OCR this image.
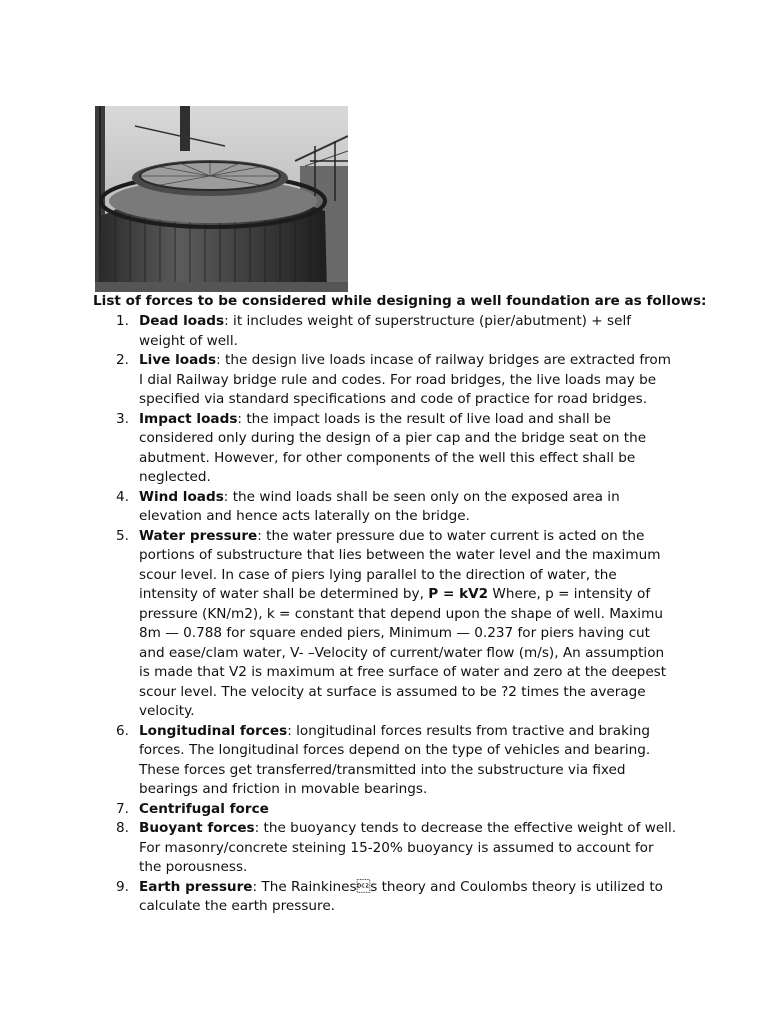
List of forces to be considered while designing a well foundation are as follows:

1. Dead loads: it includes weight of superstructure (pier/abutment) + self weight of well.

2. Live loads: the design live loads incase of railway bridges are extracted from I dial Railway bridge rule and codes. For road bridges, the live loads may be specified via standard specifications and code of practice for road bridges.

3. Impact loads: the impact loads is the result of live load and shall be considered only during the design of a pier cap and the bridge seat on the abutment. However, for other components of the well this effect shall be neglected.

4. Wind loads: the wind loads shall be seen only on the exposed area in elevation and hence acts laterally on the bridge.

5. Water pressure: the water pressure due to water current is acted on the portions of substructure that lies between the water level and the maximum scour level. In case of piers lying parallel to the direction of water, the intensity of water shall be determined by, P = kV2 Where, p = intensity of pressure (KN/m2), k = constant that depend upon the shape of well. Maximu 8m — 0.788 for square ended piers, Minimum — 0.237 for piers having cut and ease/clam water, V- –Velocity of current/water flow (m/s), An assumption is made that V2 is maximum at free surface of water and zero at the deepest scour level. The velocity at surface is assumed to be ?2 times the average velocity.

6. Longitudinal forces: longitudinal forces results from tractive and braking forces. The longitudinal forces depend on the type of vehicles and bearing. These forces get transferred/transmitted into the substructure via fixed bearings and friction in movable bearings.

7. Centrifugal force

8. Buoyant forces: the buoyancy tends to decrease the effective weight of well. For masonry/concrete steining 15-20% buoyancy is assumed to account for the porousness.

9. Earth pressure: The Rainkiness theory and Coulombs theory is utilized to calculate the earth pressure.
